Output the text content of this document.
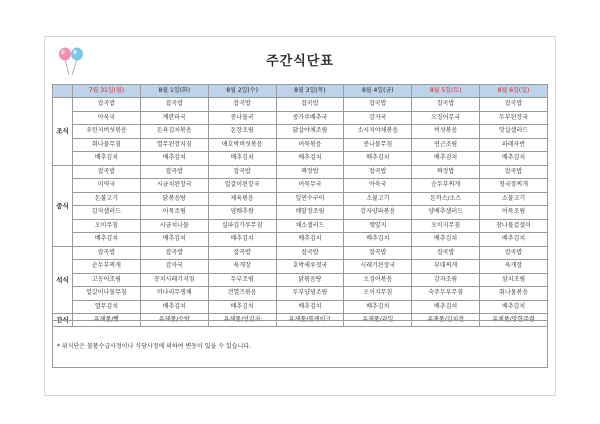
주간식단표
	7월 31일(월)	8월 1일(화)	8월 2일(수)	8월 3일(목)	8월 4일(금)	8월 5일(토)	8월 6일(일)
조식	잡곡밥	잡곡밥	잡곡밥	잡곡밥	잡곡밥	잡곡밥	잡곡밥
	아욱국	계란파국	콩나물국	콩가루배추국	감자국	오징어무국	두부된장국
	우린지버섯볶음	돈육김치볶음	돈장조림	닭살야채조림	소시지야채볶음	버섯볶음	맛살샐러드
	취나물무침	열무된장지짐	애호박버섯볶음	어묵볶음	콩나물무침	연근조림	파래자반
	배추김치	배추김치	배추김치	배추김치	배추김치	배추김치	배추김치
중식	잡곡밥	잡곡밥	잡곡밥	짜장밥	잡곡밥	짜장밥	잡곡밥
	미역국	시금치된장국	얼갈이된장국	어묵무국	아욱국	순두부찌개	청국장찌개
	돈불고기	닭볶음탕	제육볶음	잎연수구이	소불고기	돈까스/소스	소불고기
	감자샐러드	어묵조림	양배추쌈	메알장조림	감자양파볶음	양배추샐러드	어묵조림
	오이무침	시금치나물	실파김가루무침	채소샐러드	깻잎지	오이지무침	참나물겉절이
	배추김치	배추김치	배추김치	배추김치	배추김치	배추김치	배추김치
석식	잡곡밥	잡곡밥	잡곡밥	잡곡밥	잡곡밥	잡곡밥	잡곡밥
	순두부찌개	감자국	육개장	호박새우젓국	시래기된장국	부대찌개	육개장
	고등어조림	꽁치시래기지짐	두부조림	닭볶음탕	오징어볶음	감자조림	삼치조림
	얼갈이나물무침	미나리무생채	견열즈볶음	두부양념조림	오이지무침	숙주두부무침	취나물볶음
	열무김치	배추김치	배추김치	배추김치	배추김치	배추김치	배추김치
간식	유제품/빵	유제품/수박	유제품/언감자	유제품/롤케이크	유제품/과일	유제품/김치전	유제품/망한주렴
* 위식단은 물품수급사정이나 식당사정에 의하여 변동이 있을 수 있습니다.
